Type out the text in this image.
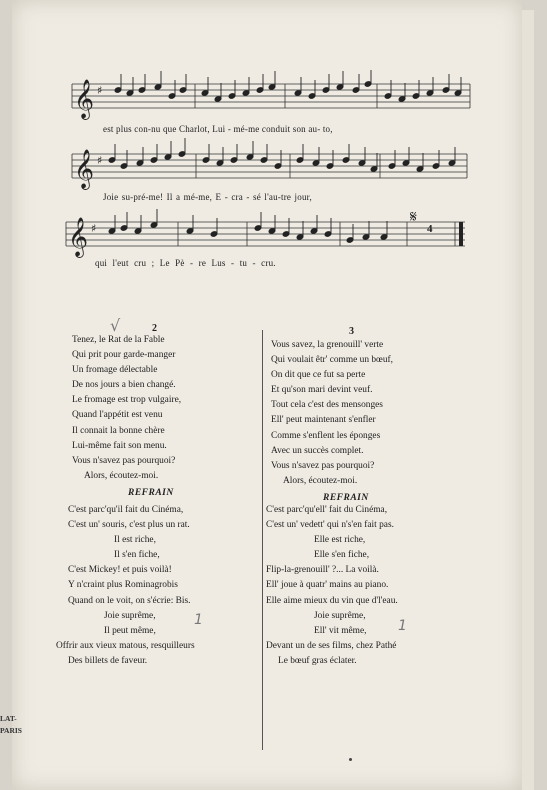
𝄞
𝄞
𝄞
♯
♯
♯
𝄋
4
est plus con-nu que Charlot, Lui - mé-me conduit son au- to,
Joie su-pré-me! Il a mé-me, E - cra - sé l'au-tre jour,
qui l'eut cru ; Le Pè - re Lus - tu - cru.
2
Tenez, le Rat de la Fable
Qui prit pour garde-manger
Un fromage délectable
De nos jours a bien changé.
Le fromage est trop vulgaire,
Quand l'appétit est venu
Il connait la bonne chère
Lui-même fait son menu.
Vous n'savez pas pourquoi?
Alors, écoutez-moi.
REFRAIN
C'est parc'qu'il fait du Cinéma,
C'est un' souris, c'est plus un rat.
Il est riche,
Il s'en fiche,
C'est Mickey! et puis voilà!
Y n'craint plus Rominagrobis
Quand on le voit, on s'écrie: Bis.
Joie suprême,
Il peut même,
Offrir aux vieux matous, resquilleurs
Des billets de faveur.
3
Vous savez, la grenouill' verte
Qui voulait êtr' comme un bœuf,
On dit que ce fut sa perte
Et qu'son mari devint veuf.
Tout cela c'est des mensonges
Ell' peut maintenant s'enfler
Comme s'enflent les éponges
Avec un succès complet.
Vous n'savez pas pourquoi?
Alors, écoutez-moi.
REFRAIN
C'est parc'qu'ell' fait du Cinéma,
C'est un' vedett' qui n's'en fait pas.
Elle est riche,
Elle s'en fiche,
Flip-la-grenouill' ?... La voilà.
Ell' joue à quatr' mains au piano.
Elle aime mieux du vin que d'l'eau.
Joie suprême,
Ell' vit même,
Devant un de ses films, chez Pathé
Le bœuf gras éclater.
√
1	1
LAT-
PARIS
